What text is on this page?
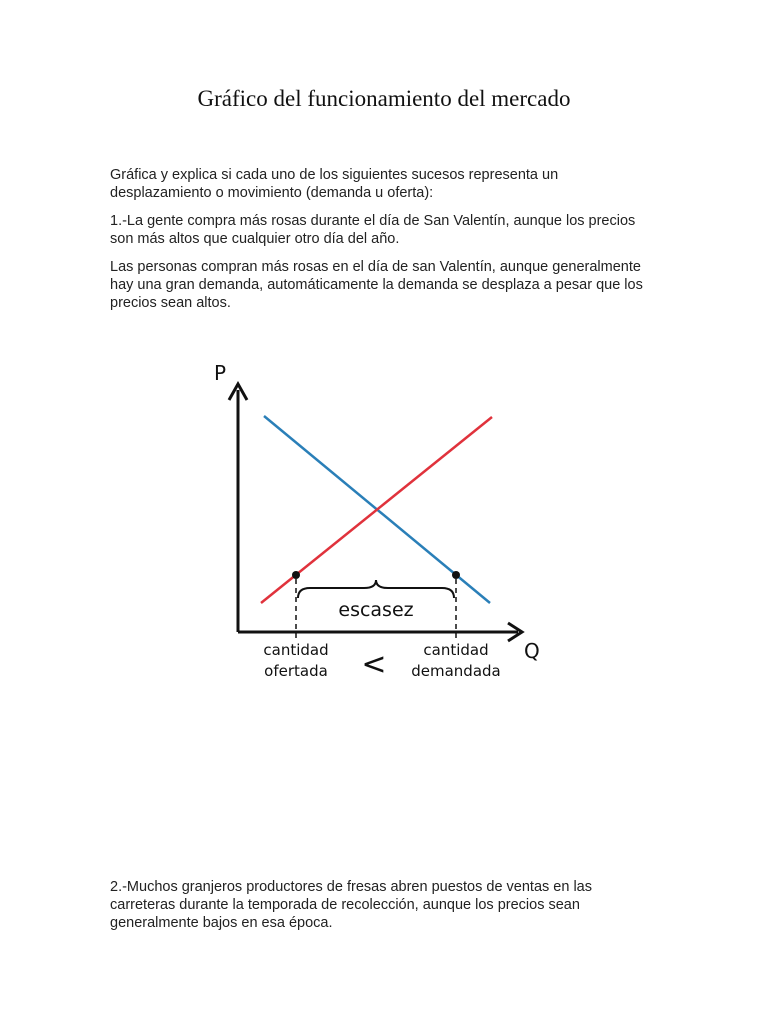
Gráfico del funcionamiento del mercado

Gráfica y explica si cada uno de los siguientes sucesos representa un desplazamiento o movimiento (demanda u oferta):

1.-La gente compra más rosas durante el día de San Valentín, aunque los precios son más altos que cualquier otro día del año.

Las personas compran más rosas en el día de san Valentín, aunque generalmente hay una gran demanda, automáticamente la demanda se desplaza a pesar que los precios sean altos.

P
Q
escasez
cantidad
ofertada < cantidad
demandada

2.-Muchos granjeros productores de fresas abren puestos de ventas en las carreteras durante la temporada de recolección, aunque los precios sean generalmente bajos en esa época.
